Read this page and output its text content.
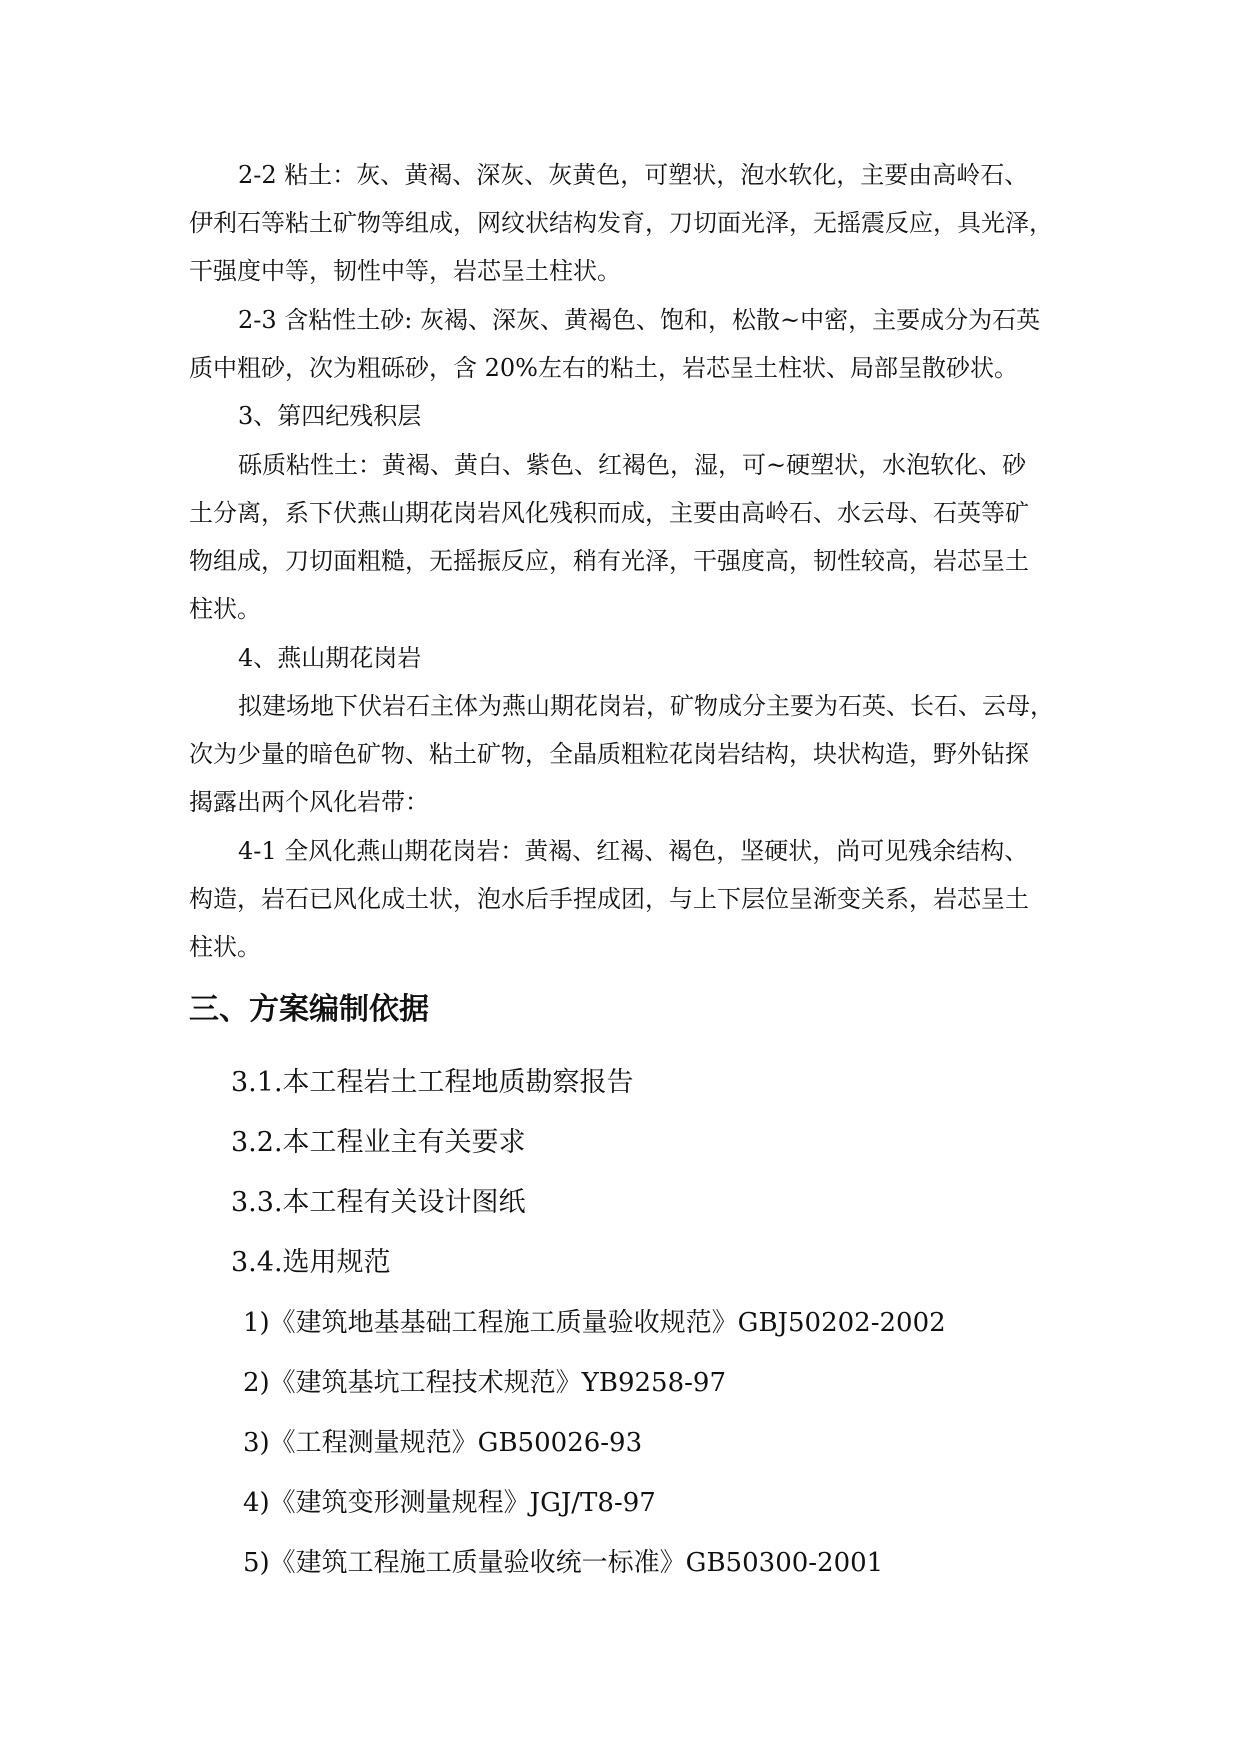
2-2 粘土：灰、黄褐、深灰、灰黄色，可塑状，泡水软化，主要由高岭石、
伊利石等粘土矿物等组成，网纹状结构发育，刀切面光泽，无摇震反应，具光泽，
干强度中等，韧性中等，岩芯呈土柱状。
2-3 含粘性土砂: 灰褐、深灰、黄褐色、饱和，松散~中密，主要成分为石英
质中粗砂，次为粗砾砂，含 20%左右的粘土，岩芯呈土柱状、局部呈散砂状。
3、第四纪残积层
砾质粘性土：黄褐、黄白、紫色、红褐色，湿，可~硬塑状，水泡软化、砂
土分离，系下伏燕山期花岗岩风化残积而成，主要由高岭石、水云母、石英等矿
物组成，刀切面粗糙，无摇振反应，稍有光泽，干强度高，韧性较高，岩芯呈土
柱状。
4、燕山期花岗岩
拟建场地下伏岩石主体为燕山期花岗岩，矿物成分主要为石英、长石、云母，
次为少量的暗色矿物、粘土矿物，全晶质粗粒花岗岩结构，块状构造，野外钻探
揭露出两个风化岩带：
4-1 全风化燕山期花岗岩：黄褐、红褐、褐色，坚硬状，尚可见残余结构、
构造，岩石已风化成土状，泡水后手捏成团，与上下层位呈渐变关系，岩芯呈土
柱状。
三、方案编制依据
3.1.本工程岩土工程地质勘察报告
3.2.本工程业主有关要求
3.3.本工程有关设计图纸
3.4.选用规范
1)《建筑地基基础工程施工质量验收规范》GBJ50202-2002
2)《建筑基坑工程技术规范》YB9258-97
3)《工程测量规范》GB50026-93
4)《建筑变形测量规程》JGJ/T8-97
5)《建筑工程施工质量验收统一标准》GB50300-2001
